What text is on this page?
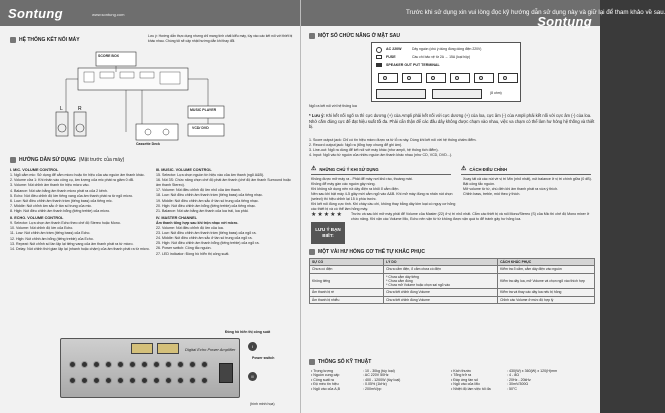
Sontung	www.sontung.com
HỆ THỐNG KẾT NỐI MÁY
Lưu ý: Hướng dẫn thực dụng nhưng chỉ mang tính chất kiểu máy, tùy vào các kết nối với thiết bị khác nhau. Chúng tôi sẽ cập nhật hướng dẫn khi thay đổi.
L	R
SCORE BOX
MUSIC PLAYER
VCD/ DVD
Cassette Deck
HƯỚNG DẪN SỬ DỤNG (Mặt trước của máy)
I. MIC. VOLUME CONTROL

1. Ngõ cắm mic: Sử dụng để cắm micro hoặc tín hiệu của các nguồn âm thanh khác.

2. Volume cửa 1: Khi nhấn vào công cụ, âm lượng của mic phát ra giảm 0 dB.

3. Volume: Nút chỉnh âm thanh tín hiệu micro vào.

4. Balance: Nút cân bằng âm thanh micro phát ra của 2 kênh.

5. Echo: Nút điều chỉnh độ lớn tiếng vang của âm thanh phát ra từ ngõ micro.

6. Low: Nút điều chỉnh âm thanh trầm (tiếng bass) của tiếng mic.

7. Middle: Nút chỉnh âm sắc ở tần số trung của mic.

8. High: Nút điều chỉnh âm thanh bổng (tiếng treble) của micro.

II. ECHO. VOLUME CONTROL

9. Selector: Lựa chọn âm thanh Echo theo chế độ Stereo hoặc Mono.

10. Volume: Nút chỉnh độ lớn của Echo.

11. Low: Nút chỉnh âm trầm (tiếng bass) của Echo.

12. High: Nút chỉnh âm bổng (tiếng treble) của Echo.

13. Repeat: Nút chỉnh số lần lặp lại tiếng vang của âm thanh phát ra từ micro.

14. Delay: Nút chỉnh thời gian lặp lại (nhanh hoặc chậm) của âm thanh phát ra từ micro.

III. MUSIC. VOLUME CONTROL

15. Selector: Lựa chọn nguồn tín hiệu vào của âm thanh (ngõ A&B).

16. Nút 3S: Chức năng chọn chế độ phát âm thanh (chế độ âm thanh Surround hoặc âm thanh Stereo).

17. Volume: Nút điều chỉnh độ lớn nhỏ của âm thanh.

18. Low: Nút điều chỉnh âm thanh trầm (tiếng bass) của tiếng nhạc.

19. Middle: Nút điều chỉnh âm sắc ở tần số trung của tiếng nhạc.

20. High: Nút điều chỉnh âm bổng (tiếng treble) của tiếng nhạc.

21. Balance: Nút cân bằng âm thanh của loa trái, loa phải.

IV. MASTER CHANNEL

Âm thanh tổng hợp sau khi trộn nhạc với micro.

22. Volume: Nút điều chỉnh độ lớn của loa.

23. Low: Nút điều chỉnh âm thanh trầm (tiếng bass) của ngõ ra.

24. Middle: Nút điều chỉnh âm sắc ở tần số trung của ngõ ra.

25. High: Nút điều chỉnh âm thanh bổng (tiếng treble) của ngõ ra.

26. Power switch: Công tắc nguồn.

27. LED indicator: Đồng hồ hiển thị công suất.

Đồng hồ hiển thị công suất
Power switch
(hình minh họa)
Digital Echo Power Amplifier
I
II
Trước khi sử dụng xin vui lòng đọc kỹ hướng dẫn sử dụng này và giữ lại để tham khảo về sau.
Sontung
MỘT SỐ CHỨC NĂNG Ở MẶT SAU
AC 220W	Dây nguồn (chú ý dùng đúng dòng điện 220V)
FUSE	Cầu chì bảo vệ từ 2A → 15A (loại hộp)
SPEAKER OUT PUT TERMINAL
(8 ohm)
Ngõ ra kết nối với hệ thống loa
* Lưu ý: Khi kết nối ngõ ra thì cực dương (+) của Ampli phải kết nối với cực dương (+) của loa, cực âm (-) của Ampli phải kết nối với cực âm (-) của loa. Nhớ cắm đúng cực để đạt hiệu suất tối đa. Phải cẩn thận để các đầu dây không được chạm vào nhau, việc va chạm có thể làm hư hỏng hệ thống và thiết bị.

1. Score output jack: Chỉ có tín hiệu micro được ra từ lỗ ra này. Dùng khi kết nối với hệ thống chấm điểm.

2. Record output jack: Ngõ ra (tổng hợp chung để ghi âm).

3. Line-out: Ngõ ra dùng để kết nối với máy khác (như ampli, hệ thống tích điểm).

4. Input: Ngõ vào từ nguồn của nhiều nguồn âm thanh khác nhau (như CD, VCD, DVD...).

⚠ NHỮNG CHÚ Ý KHI SỬ DỤNG	⚠ CÁCH ĐIỀU CHỈNH

Không được mở máy ra - Phải để máy nơi khô ráo, thoáng mát.

Không để máy gần các nguồn gây nóng.

Khi không sử dụng nên rút dây điện ra khỏi ổ cắm điện.

Nên sau khi bật máy 4-5 giây mới cắm ngõ vào A&B. Khi mở máy đúng ra nhấn nút chọn (select) thì hiệu chỉnh lại 15 ô phía trước.

Khi kết nối đúng cực tính. Khi cháy cầu chì, không thay bằng dây kim loại có nguy cơ hỏng các thiết bị và có thể làm hỏng máy.

Xoay tất cả các nút về vị trí Min (nhỏ nhất), nút balance ở vị trí chính giữa (0 dB).

Bật công tắc nguồn.

Mở volume từ từ, chú đến khi âm thanh phát ra vừa ý thích.

Chỉnh bass, treble, mid theo ý thích.

★★★★★
LƯU Ý BẠN BIẾT:
Trước và sau khi mở máy phải để Volume của Master (22) ở vị trí nhỏ nhất. Cắm các thiết bị và nối Mono/Stereo (S) của Mic thì chế độ Mono mixer ở chức năng. Khi vặn các Volume Mic, Echo nên vặn từ từ không được vặn quá to để tránh gây hư hỏng loa.
MỘT VÀI HƯ HỎNG CƠ THẾ TỰ KHẮC PHỤC
SỰ CỐ	LÝ DO	CÁCH KHẮC PHỤC
Chưa có điện	Chưa cắm điện, ổ cắm chưa có điện	Kiểm tra ổ cắm, cắm dây điện vào nguồn
Không tiếng	* Chưa cắm dây tiếng
* Chưa cắm đúng
* Chưa mở Volume hoặc chọn sai ngõ vào	Kiểm tra dây loa, mở Volume và chọn ngõ vào thích hợp
Âm thanh bị rè	Chưa tiết chỉnh đúng Volume	Kiểm tra và thay các dây loa nếu bị hỏng
Âm thanh bị nhiễu	Chưa tiết chỉnh đúng Volume	Chỉnh các Volume ở mức độ hợp lý
THÔNG SỐ KỸ THUẬT
• Trọng lượng	: 10 - 30kg (tùy loại)
• Nguồn cung cấp	: AC 220V 50Hz
• Công suất ra	: 400 - 1200W (tùy loại)
• Độ méo tín hiệu	: 0.05% (1kHz)
• Ngõ vào của A,B	: 200mV/pp
• Kích thước	: 430(W) x 360(W) x 120(H)mm
• Tổng trở ra	: 4 - 8Ω
• Đáp ứng tần số	: 20Hz - 20kHz
• Ngõ vào của Mic	: 30mV/300Ω
• Nhiệt độ làm việc tối đa	: 50°C
